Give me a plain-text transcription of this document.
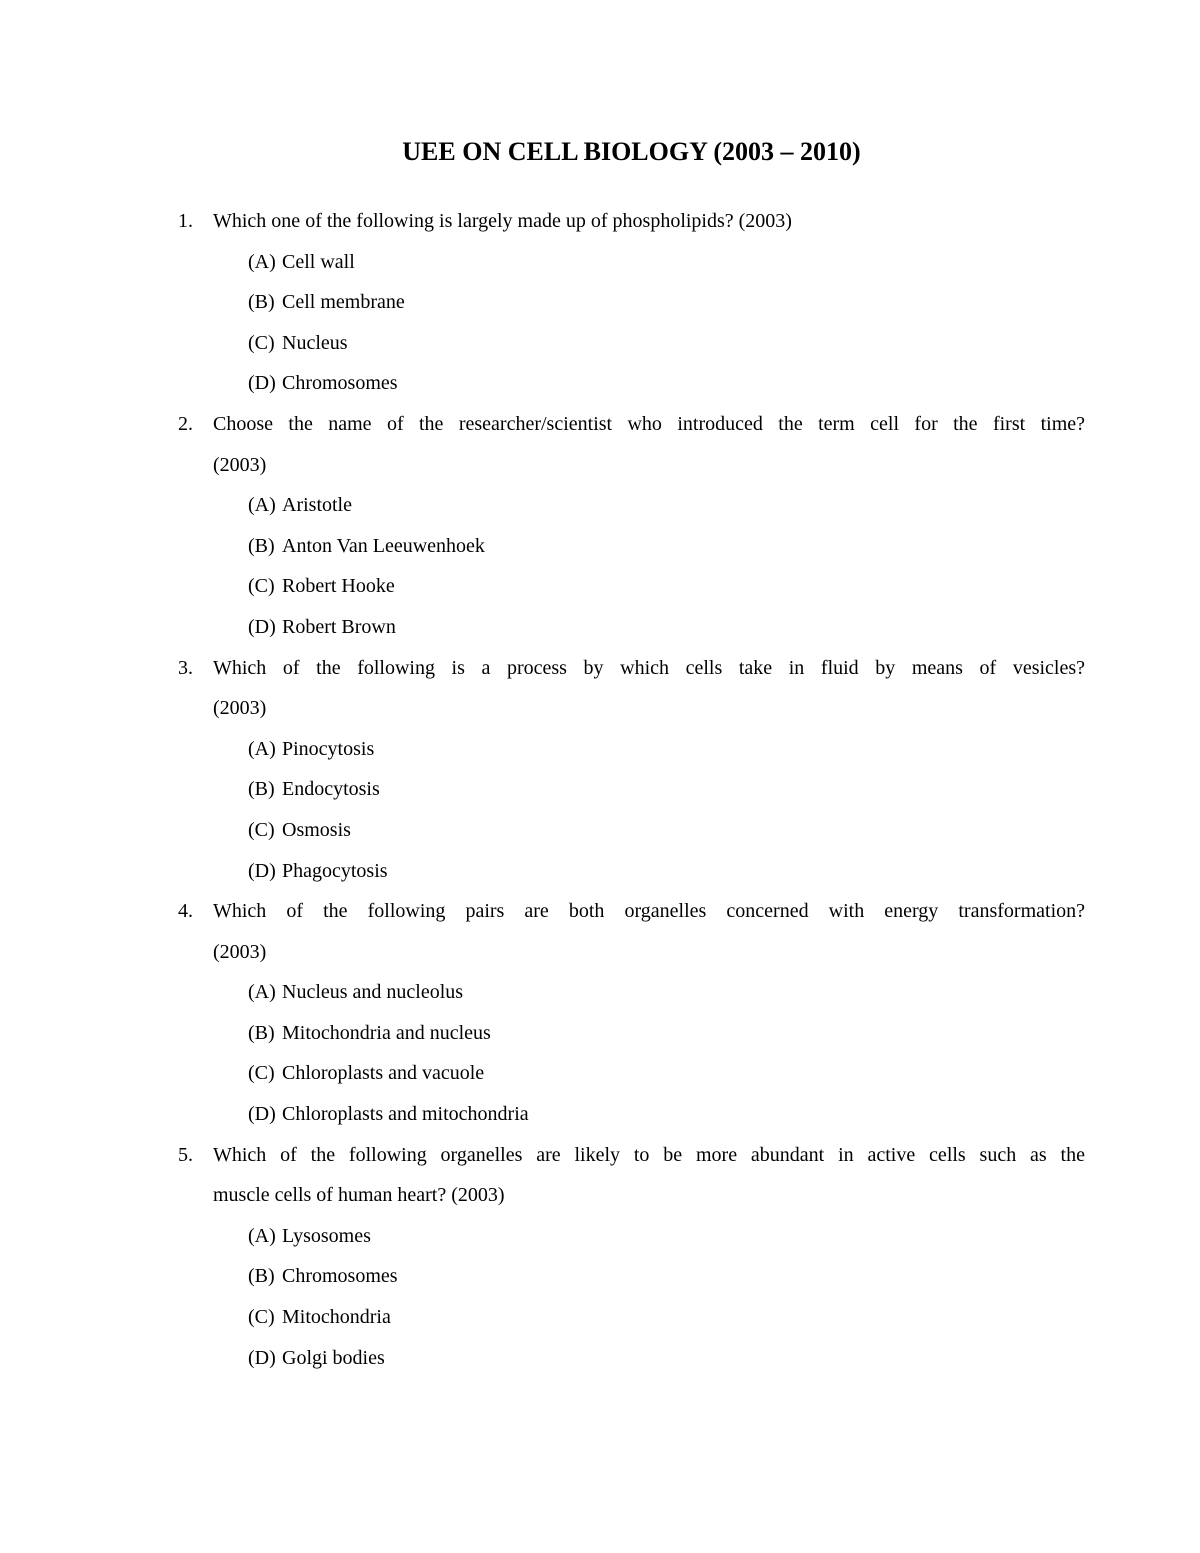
UEE ON CELL BIOLOGY (2003 – 2010)
1.	Which one of the following is largely made up of phospholipids? (2003)
(A) Cell wall
(B) Cell membrane
(C) Nucleus
(D) Chromosomes
2.	Choose the name of the researcher/scientist who introduced the term cell for the first time?
(2003)
(A) Aristotle
(B) Anton Van Leeuwenhoek
(C) Robert Hooke
(D) Robert Brown
3.	Which of the following is a process by which cells take in fluid by means of vesicles?
(2003)
(A) Pinocytosis
(B) Endocytosis
(C) Osmosis
(D) Phagocytosis
4.	Which of the following pairs are both organelles concerned with energy transformation?
(2003)
(A) Nucleus and nucleolus
(B) Mitochondria and nucleus
(C) Chloroplasts and vacuole
(D) Chloroplasts and mitochondria
5.	Which of the following organelles are likely to be more abundant in active cells such as the
muscle cells of human heart? (2003)
(A) Lysosomes
(B) Chromosomes
(C) Mitochondria
(D) Golgi bodies
